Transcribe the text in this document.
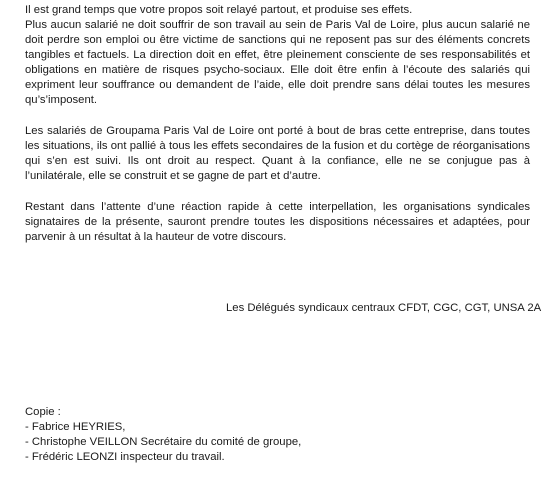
Il est grand temps que votre propos soit relayé partout, et produise ses effets.

Plus aucun salarié ne doit souffrir de son travail au sein de Paris Val de Loire, plus aucun salarié ne doit perdre son emploi ou être victime de sanctions qui ne reposent pas sur des éléments concrets tangibles et factuels. La direction doit en effet, être pleinement consciente de ses responsabilités et obligations en matière de risques psycho-sociaux. Elle doit être enfin à l’écoute des salariés qui expriment leur souffrance ou demandent de l’aide, elle doit prendre sans délai toutes les mesures qu’s’imposent.

Les salariés de Groupama Paris Val de Loire ont porté à bout de bras cette entreprise, dans toutes les situations, ils ont pallié à tous les effets secondaires de la fusion et du cortège de réorganisations qui s’en est suivi. Ils ont droit au respect. Quant à la confiance, elle ne se conjugue pas à l’unilatérale, elle se construit et se gagne de part et d’autre.

Restant dans l’attente d’une réaction rapide à cette interpellation, les organisations syndicales signataires de la présente, sauront prendre toutes les dispositions nécessaires et adaptées, pour parvenir à un résultat à la hauteur de votre discours.

Les Délégués syndicaux centraux CFDT, CGC, CGT, UNSA 2A
Copie :
- Fabrice HEYRIES,
- Christophe VEILLON Secrétaire du comité de groupe,
- Frédéric LEONZI inspecteur du travail.
